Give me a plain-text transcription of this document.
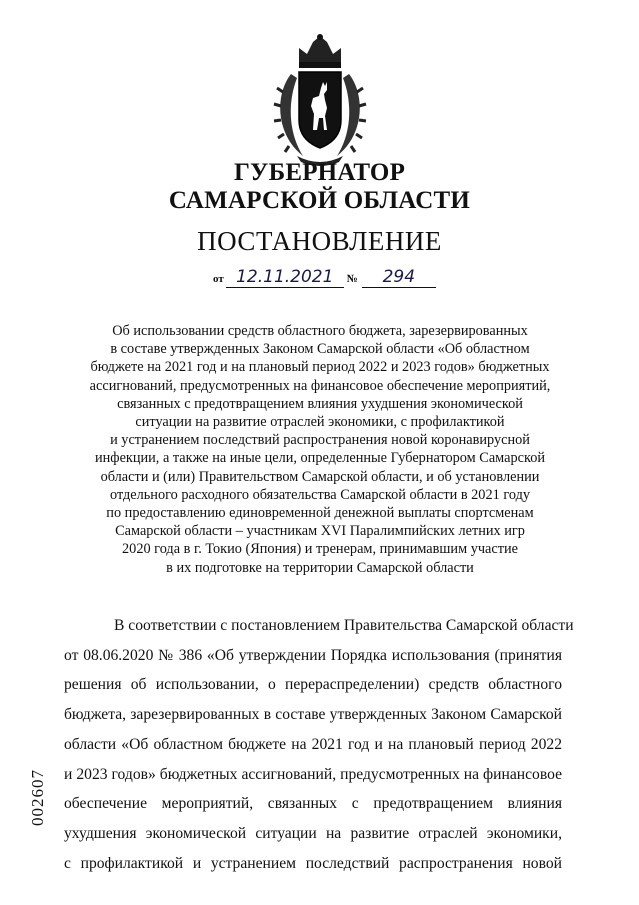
ГУБЕРНАТОР
САМАРСКОЙ ОБЛАСТИ
ПОСТАНОВЛЕНИЕ
от 12.11.2021 № 294

Об использовании средств областного бюджета, зарезервированных
в составе утвержденных Законом Самарской области «Об областном
бюджете на 2021 год и на плановый период 2022 и 2023 годов» бюджетных
ассигнований, предусмотренных на финансовое обеспечение мероприятий,
связанных с предотвращением влияния ухудшения экономической
ситуации на развитие отраслей экономики, с профилактикой
и устранением последствий распространения новой коронавирусной
инфекции, а также на иные цели, определенные Губернатором Самарской
области и (или) Правительством Самарской области, и об установлении
отдельного расходного обязательства Самарской области в 2021 году
по предоставлению единовременной денежной выплаты спортсменам
Самарской области – участникам XVI Паралимпийских летних игр
2020 года в г. Токио (Япония) и тренерам, принимавшим участие
в их подготовке на территории Самарской области

В соответствии с постановлением Правительства Самарской области
от 08.06.2020 № 386 «Об утверждении Порядка использования (принятия
решения об использовании, о перераспределении) средств областного
бюджета, зарезервированных в составе утвержденных Законом Самарской
области «Об областном бюджете на 2021 год и на плановый период 2022
и 2023 годов» бюджетных ассигнований, предусмотренных на финансовое
обеспечение мероприятий, связанных с предотвращением влияния
ухудшения экономической ситуации на развитие отраслей экономики,
с профилактикой и устранением последствий распространения новой

002607
